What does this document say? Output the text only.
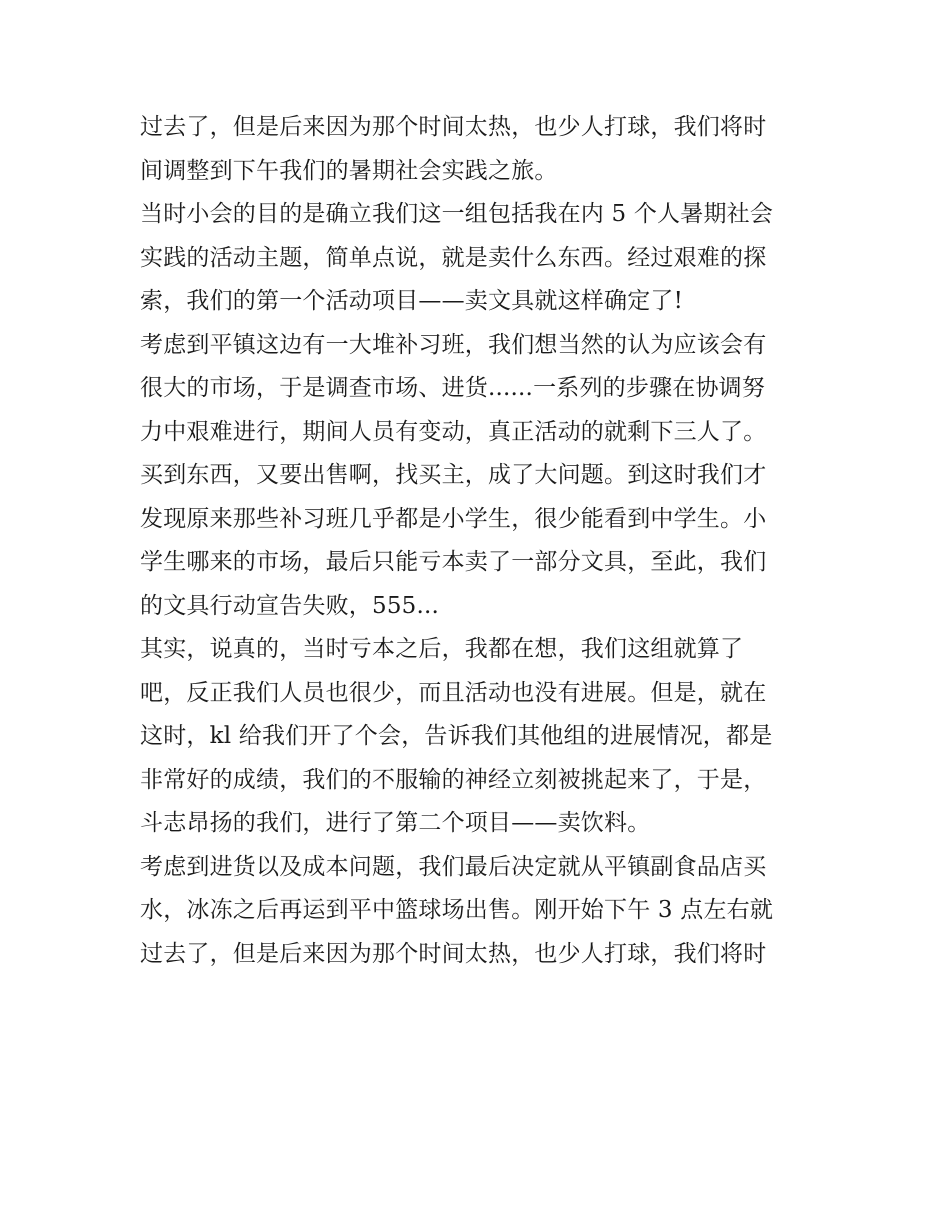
过去了，但是后来因为那个时间太热，也少人打球，我们将时
间调整到下午我们的暑期社会实践之旅。
当时小会的目的是确立我们这一组包括我在内 5 个人暑期社会
实践的活动主题，简单点说，就是卖什么东西。经过艰难的探
索，我们的第一个活动项目——卖文具就这样确定了!
考虑到平镇这边有一大堆补习班，我们想当然的认为应该会有
很大的市场，于是调查市场、进货......一系列的步骤在协调努
力中艰难进行，期间人员有变动，真正活动的就剩下三人了。
买到东西，又要出售啊，找买主，成了大问题。到这时我们才
发现原来那些补习班几乎都是小学生，很少能看到中学生。小
学生哪来的市场，最后只能亏本卖了一部分文具，至此，我们
的文具行动宣告失败，555...
其实，说真的，当时亏本之后，我都在想，我们这组就算了
吧，反正我们人员也很少，而且活动也没有进展。但是，就在
这时，kl 给我们开了个会，告诉我们其他组的进展情况，都是
非常好的成绩，我们的不服输的神经立刻被挑起来了，于是，
斗志昂扬的我们，进行了第二个项目——卖饮料。
考虑到进货以及成本问题，我们最后决定就从平镇副食品店买
水，冰冻之后再运到平中篮球场出售。刚开始下午 3 点左右就
过去了，但是后来因为那个时间太热，也少人打球，我们将时
